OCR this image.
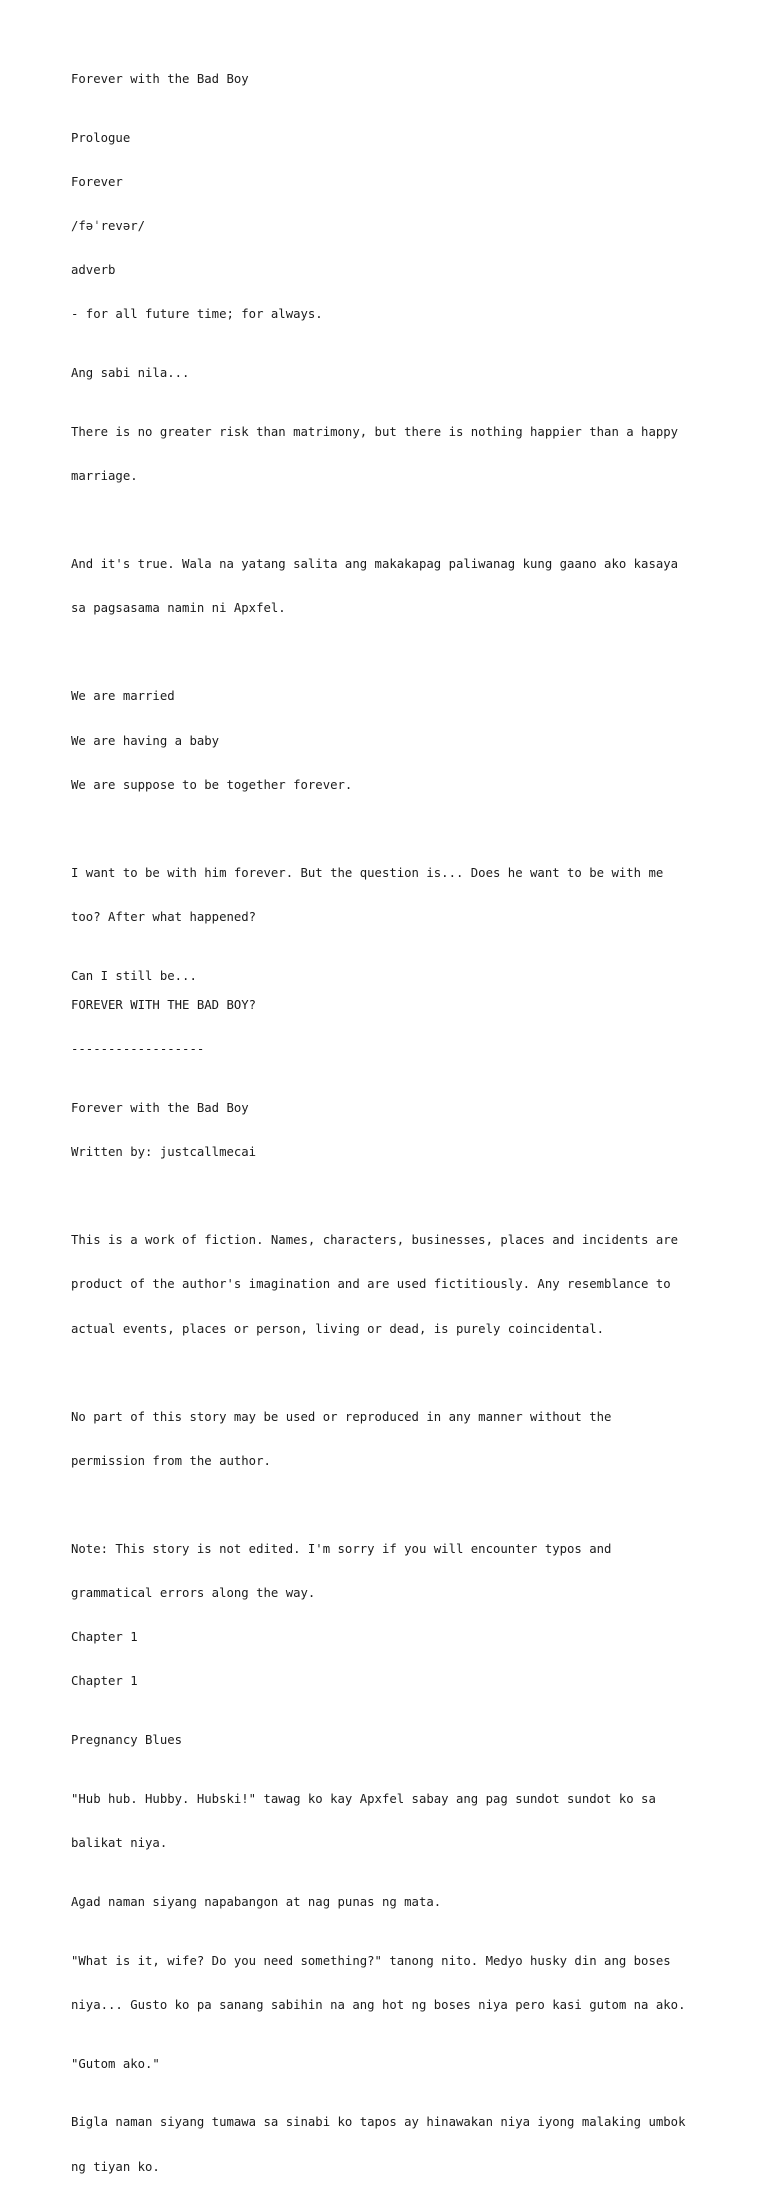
Forever with the Bad Boy

Prologue

Forever

/fəˈrevər/

adverb

- for all future time; for always.

Ang sabi nila...

There is no greater risk than matrimony, but there is nothing happier than a happy

marriage.

And it's true. Wala na yatang salita ang makakapag paliwanag kung gaano ako kasaya

sa pagsasama namin ni Apxfel.

We are married

We are having a baby

We are suppose to be together forever.

I want to be with him forever. But the question is... Does he want to be with me

too? After what happened?

Can I still be...
FOREVER WITH THE BAD BOY?
------------------

Forever with the Bad Boy

Written by: justcallmecai

This is a work of fiction. Names, characters, businesses, places and incidents are

product of the author's imagination and are used fictitiously. Any resemblance to

actual events, places or person, living or dead, is purely coincidental.

No part of this story may be used or reproduced in any manner without the

permission from the author.

Note: This story is not edited. I'm sorry if you will encounter typos and

grammatical errors along the way.

Chapter 1

Chapter 1

Pregnancy Blues

"Hub hub. Hubby. Hubski!" tawag ko kay Apxfel sabay ang pag sundot sundot ko sa

balikat niya.

Agad naman siyang napabangon at nag punas ng mata.

"What is it, wife? Do you need something?" tanong nito. Medyo husky din ang boses

niya... Gusto ko pa sanang sabihin na ang hot ng boses niya pero kasi gutom na ako.

"Gutom ako."

Bigla naman siyang tumawa sa sinabi ko tapos ay hinawakan niya iyong malaking umbok

ng tiyan ko.
